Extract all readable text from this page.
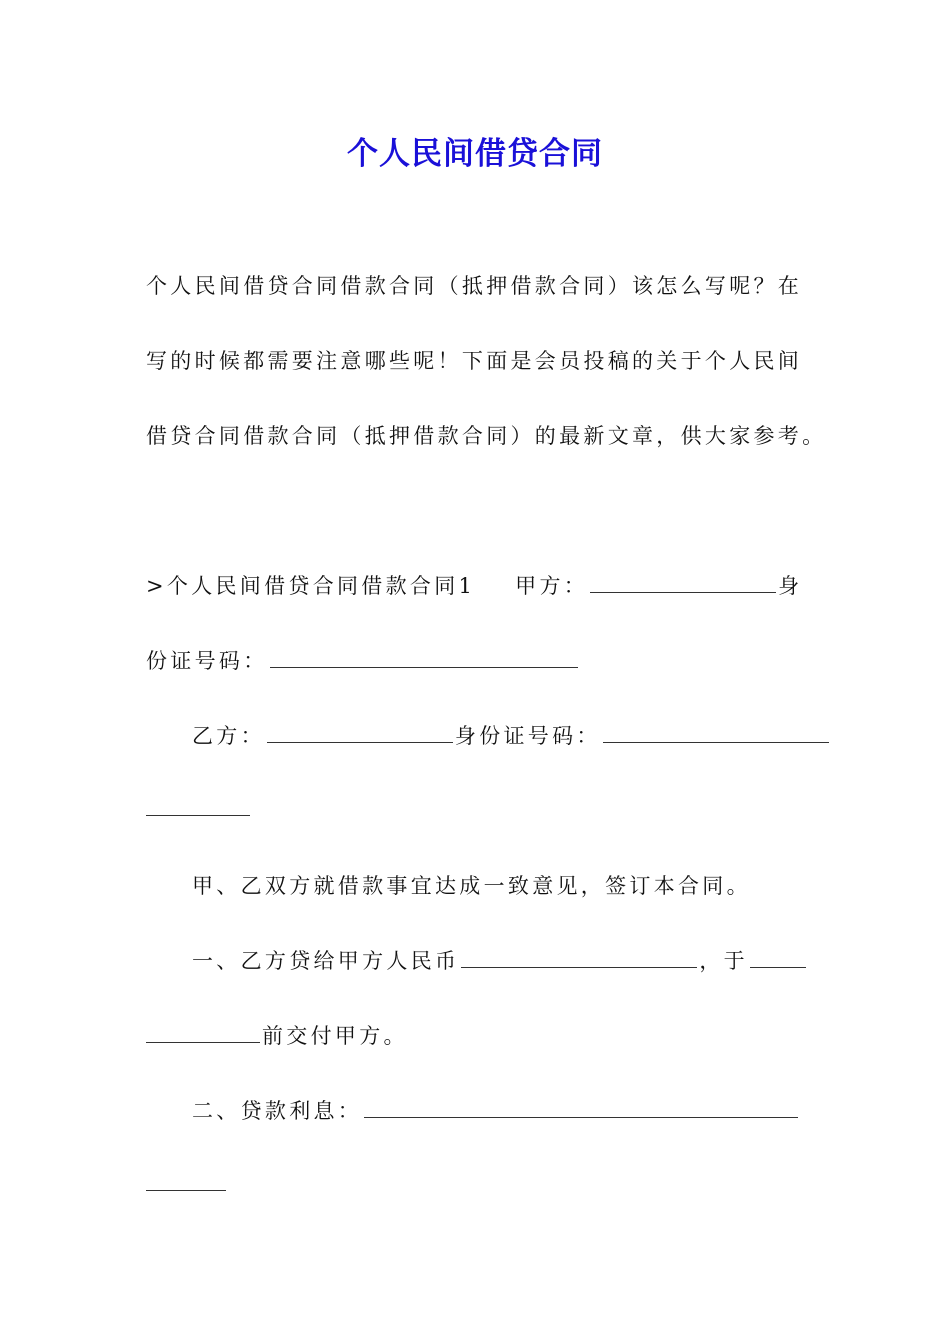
个人民间借贷合同
个人民间借贷合同借款合同（抵押借款合同）该怎么写呢？在
写的时候都需要注意哪些呢！下面是会员投稿的关于个人民间
借贷合同借款合同（抵押借款合同）的最新文章，供大家参考。
>个人民间借贷合同借款合同1 甲方：	身
份证号码：
乙方：	身份证号码：
甲、乙双方就借款事宜达成一致意见，签订本合同。
一、乙方贷给甲方人民币	，于
前交付甲方。
二、贷款利息：
